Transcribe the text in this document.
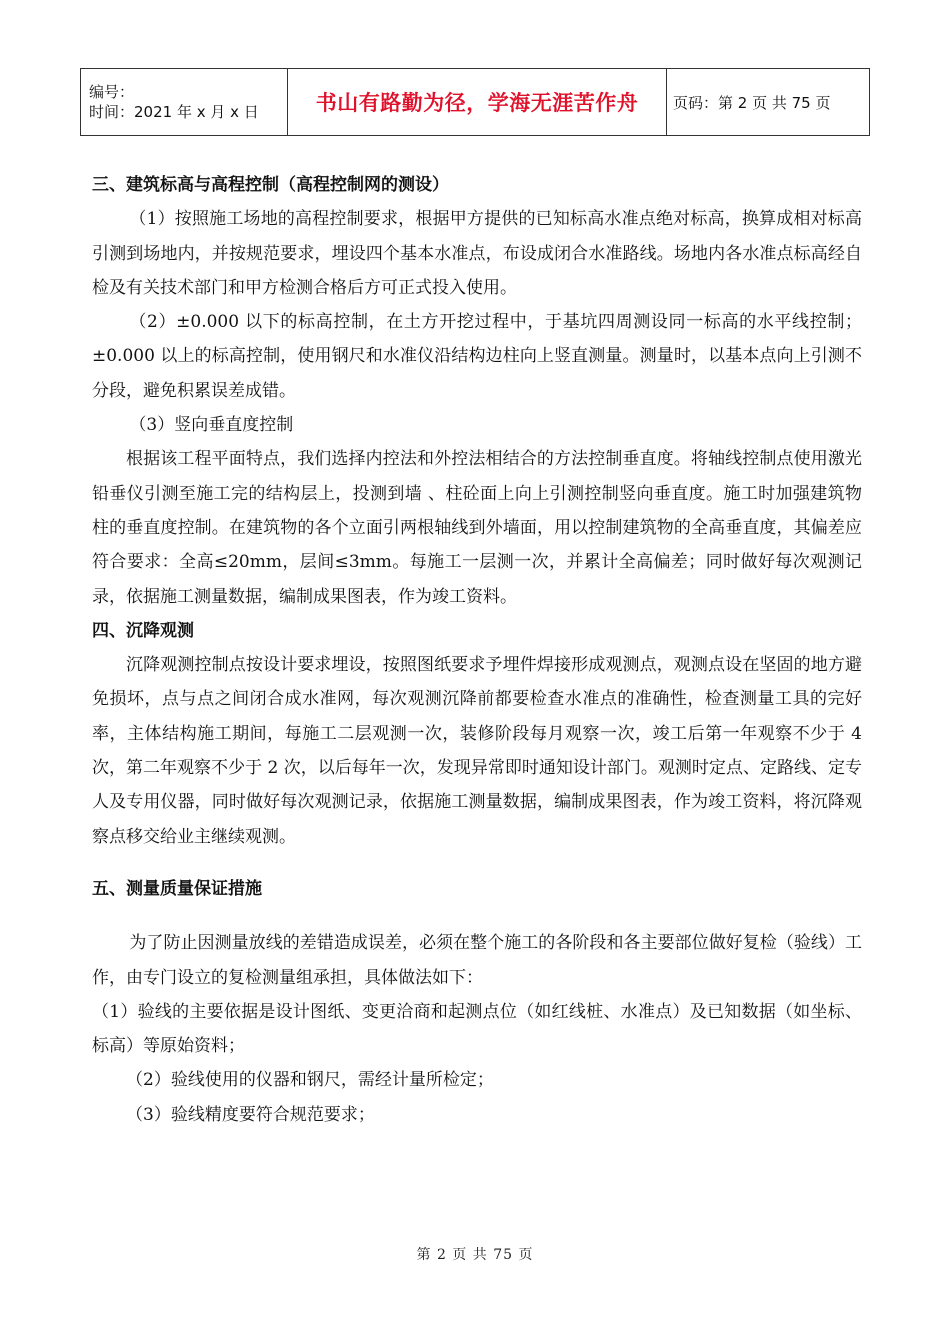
编号：
时间：2021 年 x 月 x 日	书山有路勤为径，学海无涯苦作舟	页码：第 2 页 共 75 页

三、建筑标高与高程控制（高程控制网的测设）

（1）按照施工场地的高程控制要求，根据甲方提供的已知标高水准点绝对标高，换算成相对标高引测到场地内，并按规范要求，埋设四个基本水准点，布设成闭合水准路线。场地内各水准点标高经自检及有关技术部门和甲方检测合格后方可正式投入使用。

（2）±0.000 以下的标高控制，在土方开挖过程中，于基坑四周测设同一标高的水平线控制；±0.000 以上的标高控制，使用钢尺和水准仪沿结构边柱向上竖直测量。测量时，以基本点向上引测不分段，避免积累误差成错。

（3）竖向垂直度控制

根据该工程平面特点，我们选择内控法和外控法相结合的方法控制垂直度。将轴线控制点使用激光铅垂仪引测至施工完的结构层上，投测到墙 、柱砼面上向上引测控制竖向垂直度。施工时加强建筑物柱的垂直度控制。在建筑物的各个立面引两根轴线到外墙面，用以控制建筑物的全高垂直度，其偏差应符合要求：全高≤20mm，层间≤3mm。每施工一层测一次，并累计全高偏差；同时做好每次观测记录，依据施工测量数据，编制成果图表，作为竣工资料。

四、沉降观测

沉降观测控制点按设计要求埋设，按照图纸要求予埋件焊接形成观测点，观测点设在坚固的地方避免损坏，点与点之间闭合成水准网，每次观测沉降前都要检查水准点的准确性，检查测量工具的完好率，主体结构施工期间，每施工二层观测一次，装修阶段每月观察一次，竣工后第一年观察不少于 4 次，第二年观察不少于 2 次，以后每年一次，发现异常即时通知设计部门。观测时定点、定路线、定专人及专用仪器，同时做好每次观测记录，依据施工测量数据，编制成果图表，作为竣工资料，将沉降观察点移交给业主继续观测。

五、测量质量保证措施

为了防止因测量放线的差错造成误差，必须在整个施工的各阶段和各主要部位做好复检（验线）工作，由专门设立的复检测量组承担，具体做法如下：

（1）验线的主要依据是设计图纸、变更洽商和起测点位（如红线桩、水准点）及已知数据（如坐标、标高）等原始资料；

（2）验线使用的仪器和钢尺，需经计量所检定；

（3）验线精度要符合规范要求；

第 2 页 共 75 页
